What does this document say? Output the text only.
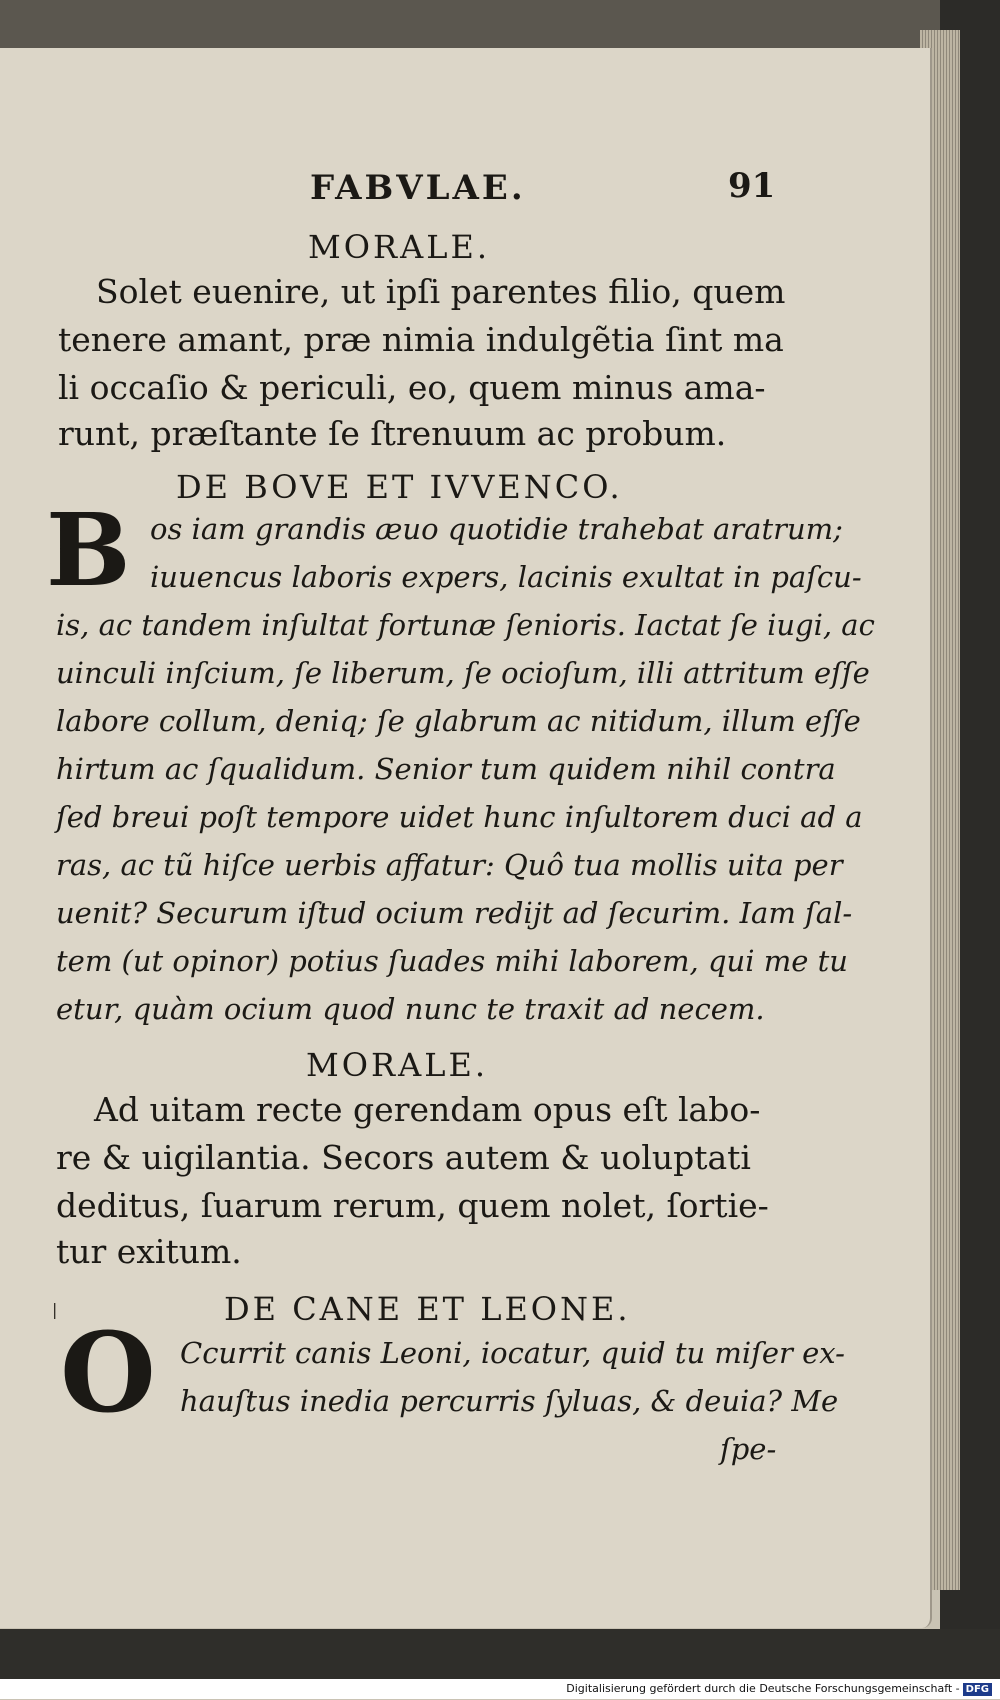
FABVLAE.	91
MORALE.
Solet euenire, ut ipſi parentes filio, quem
tenere amant, præ nimia indulgẽtia ſint ma
li occaſio & periculi, eo, quem minus ama-
runt, præſtante ſe ſtrenuum ac probum.
DE BOVE ET IVVENCO.
B os iam grandis æuo quotidie trahebat aratrum;
iuuencus laboris expers, lacinis exultat in paſcu-
is, ac tandem inſultat fortunæ ſenioris. Iactat ſe iugi, ac
uinculi inſcium, ſe liberum, ſe ocioſum, illi attritum eſſe
labore collum, deniq; ſe glabrum ac nitidum, illum eſſe
hirtum ac ſqualidum. Senior tum quidem nihil contra
ſed breui poſt tempore uidet hunc inſultorem duci ad a
ras, ac tũ hiſce uerbis affatur: Quô tua mollis uita per
uenit? Securum iſtud ocium redijt ad ſecurim. Iam ſal-
tem (ut opinor) potius ſuades mihi laborem, qui me tu
etur, quàm ocium quod nunc te traxit ad necem.
MORALE.
Ad uitam recte gerendam opus eſt labo-
re & uigilantia. Secors autem & uoluptati
deditus, ſuarum rerum, quem nolet, ſortie-
tur exitum.
|	DE CANE ET LEONE.
O Ccurrit canis Leoni, iocatur, quid tu miſer ex-
hauſtus inedia percurris ſyluas, & deuia? Me
ſpe-
Digitalisierung gefördert durch die Deutsche Forschungsgemeinschaft - DFG
